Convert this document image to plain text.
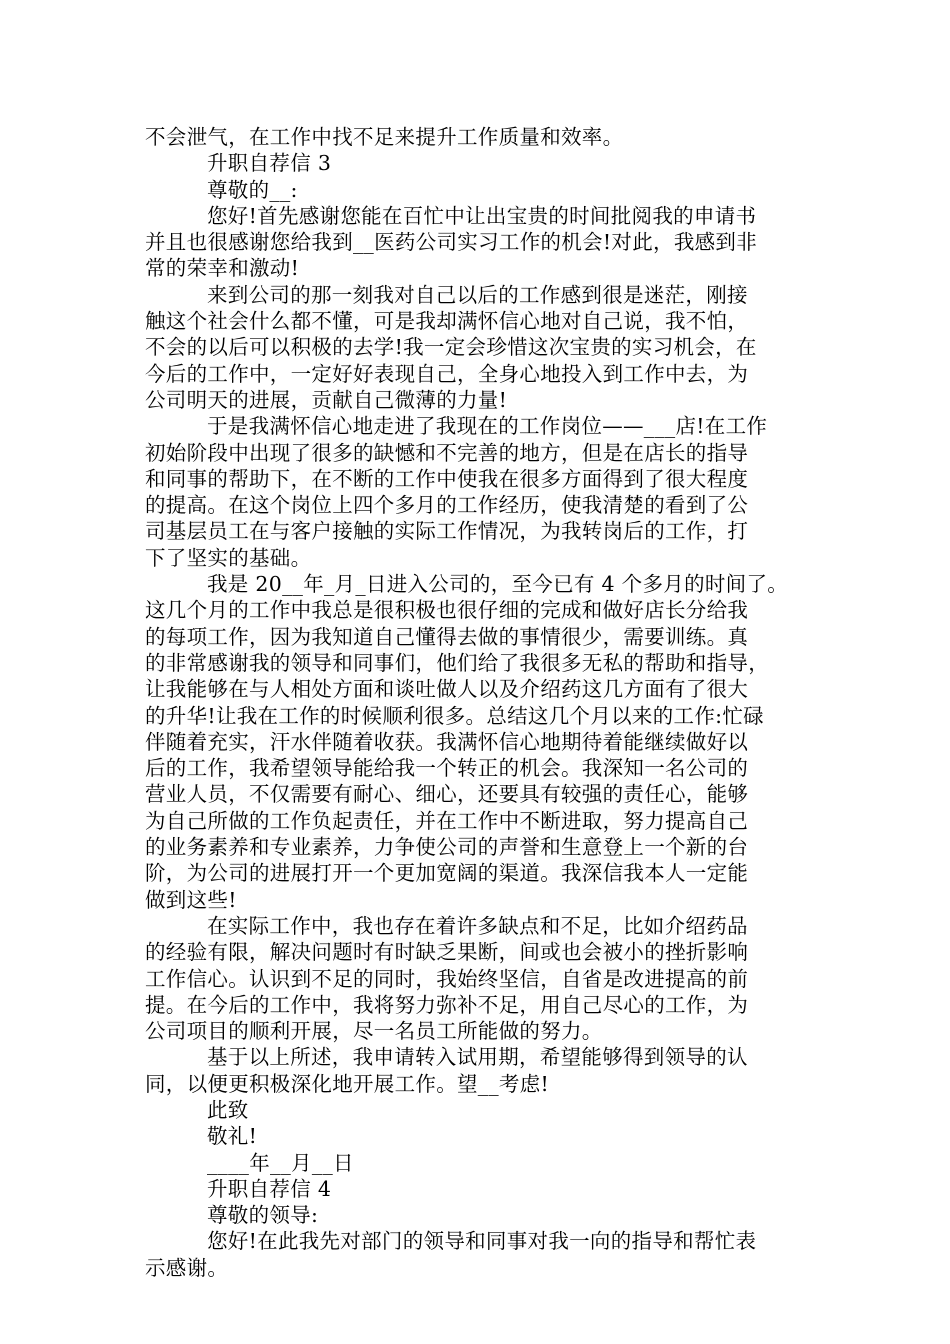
不会泄气，在工作中找不足来提升工作质量和效率。
升职自荐信 3
尊敬的__:
您好!首先感谢您能在百忙中让出宝贵的时间批阅我的申请书
并且也很感谢您给我到__医药公司实习工作的机会!对此，我感到非
常的荣幸和激动!
来到公司的那一刻我对自己以后的工作感到很是迷茫，刚接
触这个社会什么都不懂，可是我却满怀信心地对自己说，我不怕，
不会的以后可以积极的去学!我一定会珍惜这次宝贵的实习机会，在
今后的工作中，一定好好表现自己，全身心地投入到工作中去，为
公司明天的进展，贡献自己微薄的力量!
于是我满怀信心地走进了我现在的工作岗位——___店!在工作
初始阶段中出现了很多的缺憾和不完善的地方，但是在店长的指导
和同事的帮助下，在不断的工作中使我在很多方面得到了很大程度
的提高。在这个岗位上四个多月的工作经历，使我清楚的看到了公
司基层员工在与客户接触的实际工作情况，为我转岗后的工作，打
下了坚实的基础。
我是 20__年_月_日进入公司的，至今已有 4 个多月的时间了。
这几个月的工作中我总是很积极也很仔细的完成和做好店长分给我
的每项工作，因为我知道自己懂得去做的事情很少，需要训练。真
的非常感谢我的领导和同事们，他们给了我很多无私的帮助和指导，
让我能够在与人相处方面和谈吐做人以及介绍药这几方面有了很大
的升华!让我在工作的时候顺利很多。总结这几个月以来的工作:忙碌
伴随着充实，汗水伴随着收获。我满怀信心地期待着能继续做好以
后的工作，我希望领导能给我一个转正的机会。我深知一名公司的
营业人员，不仅需要有耐心、细心，还要具有较强的责任心，能够
为自己所做的工作负起责任，并在工作中不断进取，努力提高自己
的业务素养和专业素养，力争使公司的声誉和生意登上一个新的台
阶，为公司的进展打开一个更加宽阔的渠道。我深信我本人一定能
做到这些!
在实际工作中，我也存在着许多缺点和不足，比如介绍药品
的经验有限，解决问题时有时缺乏果断，间或也会被小的挫折影响
工作信心。认识到不足的同时，我始终坚信，自省是改进提高的前
提。在今后的工作中，我将努力弥补不足，用自己尽心的工作，为
公司项目的顺利开展，尽一名员工所能做的努力。
基于以上所述，我申请转入试用期，希望能够得到领导的认
同，以便更积极深化地开展工作。望__考虑!
此致
敬礼!
____年__月__日
升职自荐信 4
尊敬的领导:
您好!在此我先对部门的领导和同事对我一向的指导和帮忙表
示感谢。
